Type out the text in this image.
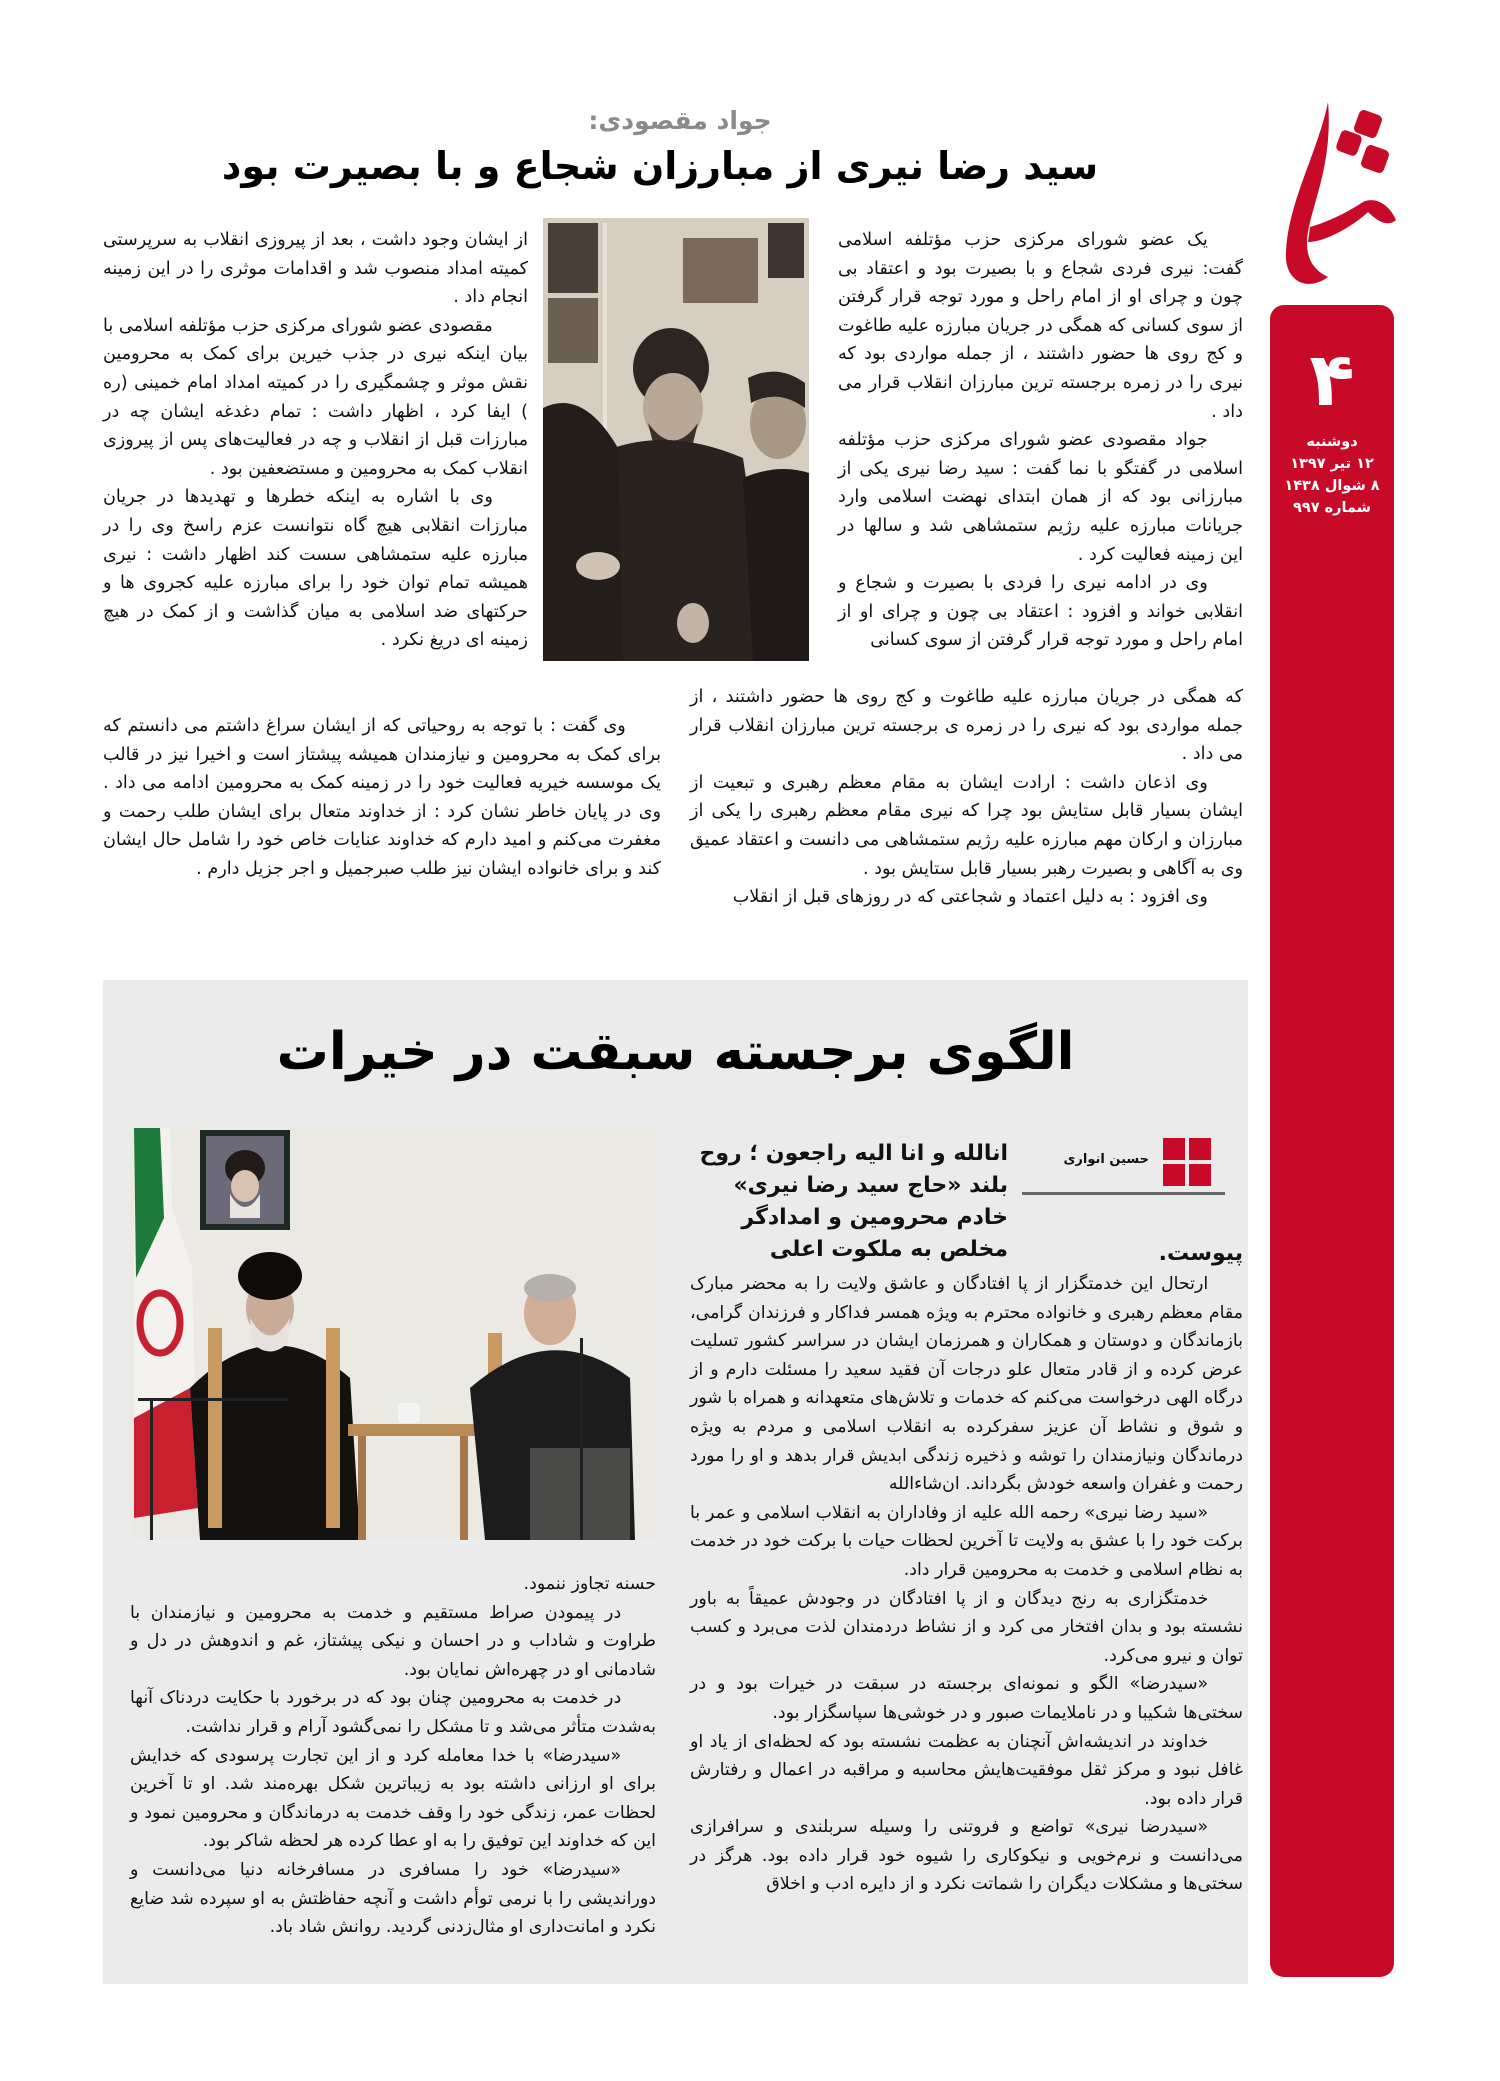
۴
دوشنبه
۱۲ تیر ۱۳۹۷
۸ شوال ۱۴۳۸
شماره ۹۹۷
جواد مقصودی:

یک عضو شورای مرکزی حزب مؤتلفه اسلامی گفت: نیری فردی شجاع و با بصیرت بود و اعتقاد بی چون و چرای او از امام راحل و مورد توجه قرار گرفتن از سوی کسانی که همگی در جریان مبارزه علیه طاغوت و کج روی ها حضور داشتند ، از جمله مواردی بود که نیری را در زمره برجسته ترین مبارزان انقلاب قرار می داد .

جواد مقصودی عضو شورای مرکزی حزب مؤتلفه اسلامی در گفتگو با نما گفت : سید رضا نیری یکی از مبارزانی بود که از همان ابتدای نهضت اسلامی وارد جریانات مبارزه علیه رژیم ستمشاهی شد و سالها در این زمینه فعالیت کرد .

وی در ادامه نیری را فردی با بصیرت و شجاع و انقلابی خواند و افزود : اعتقاد بی چون و چرای او از امام راحل و مورد توجه قرار گرفتن از سوی کسانی

که همگی در جریان مبارزه علیه طاغوت و کج روی ها حضور داشتند ، از جمله مواردی بود که نیری را در زمره ی برجسته ترین مبارزان انقلاب قرار می داد .

وی اذعان داشت : ارادت ایشان به مقام معظم رهبری و تبعیت از ایشان بسیار قابل ستایش بود چرا که نیری مقام معظم رهبری را یکی از مبارزان و ارکان مهم مبارزه علیه رژیم ستمشاهی می دانست و اعتقاد عمیق وی به آگاهی و بصیرت رهبر بسیار قابل ستایش بود .

وی افزود : به دلیل اعتماد و شجاعتی که در روزهای قبل از انقلاب

از ایشان وجود داشت ، بعد از پیروزی انقلاب به سرپرستی کمیته امداد منصوب شد و اقدامات موثری را در این زمینه انجام داد .

مقصودی عضو شورای مرکزی حزب مؤتلفه اسلامی با بیان اینکه نیری در جذب خیرین برای کمک به محرومین نقش موثر و چشمگیری را در کمیته امداد امام خمینی (ره ) ایفا کرد ، اظهار داشت : تمام دغدغه ایشان چه در مبارزات قبل از انقلاب و چه در فعالیت‌های پس از پیروزی انقلاب کمک به محرومین و مستضعفین بود .

وی با اشاره به اینکه خطرها و تهدیدها در جریان مبارزات انقلابی هیچ گاه نتوانست عزم راسخ وی را در مبارزه علیه ستمشاهی سست کند اظهار داشت : نیری همیشه تمام توان خود را برای مبارزه علیه کجروی ها و حرکتهای ضد اسلامی به میان گذاشت و از کمک در هیچ زمینه ای دریغ نکرد .

وی گفت : با توجه به روحیاتی که از ایشان سراغ داشتم می دانستم که برای کمک به محرومین و نیازمندان همیشه پیشتاز است و اخیرا نیز در قالب یک موسسه خیریه فعالیت خود را در زمینه کمک به محرومین ادامه می داد . وی در پایان خاطر نشان کرد : از خداوند متعال برای ایشان طلب رحمت و مغفرت می‌کنم و امید دارم که خداوند عنایات خاص خود را شامل حال ایشان کند و برای خانواده ایشان نیز طلب صبرجمیل و اجر جزیل دارم .

سید رضا نیری از مبارزان شجاع و با بصیرت بود
الگوی برجسته سبقت در خیرات
حسین انواری
انا‌لله و انا الیه راجعون ؛ روح بلند «حاج سید رضا نیری» خادم محرومین و امدادگر مخلص به ملکوت اعلی	پیوست.

ارتحال این خدمتگزار از پا افتادگان و عاشق ولایت را به محضر مبارک مقام معظم رهبری و خانواده محترم به ویژه همسر فداکار و فرزندان گرامی، بازماندگان و دوستان و همکاران و همرزمان ایشان در سراسر کشور تسلیت عرض کرده و از قادر متعال علو درجات آن فقید سعید را مسئلت دارم و از درگاه الهی درخواست می‌کنم که خدمات و تلاش‌های متعهدانه و همراه با شور و شوق و نشاط آن عزیز سفرکرده به انقلاب اسلامی و مردم به ویژه درماندگان ونیازمندان را توشه و ذخیره زندگی ابدیش قرار بدهد و او را مورد رحمت و غفران واسعه خودش بگرداند. ان‌شاءالله

«سید رضا نیری» رحمه الله علیه از وفاداران به انقلاب اسلامی و عمر با برکت خود را با عشق به ولایت تا آخرین لحظات حیات با برکت خود در خدمت به نظام اسلامی و خدمت به محرومین قرار داد.

خدمتگزاری به رنج دیدگان و از پا افتادگان در وجودش عمیقاً به باور نشسته بود و بدان افتخار می کرد و از نشاط دردمندان لذت می‌برد و کسب توان و نیرو می‌کرد.

«سیدرضا» الگو و نمونه‌ای برجسته در سبقت در خیرات بود و در سختی‌ها شکیبا و در ناملایمات صبور و در خوشی‌ها سپاسگزار بود.

خداوند در اندیشه‌اش آنچنان به عظمت نشسته بود که لحظه‌ای از یاد او غافل نبود و مرکز ثقل موفقیت‌هایش محاسبه و مراقبه در اعمال و رفتارش قرار داده بود.

«سیدرضا نیری» تواضع و فروتنی را وسیله سربلندی و سرافرازی می‌دانست و نرم‌خویی و نیکوکاری را شیوه خود قرار داده بود. هرگز در سختی‌ها و مشکلات دیگران را شماتت نکرد و از دایره ادب و اخلاق

حسنه تجاوز ننمود.

در پیمودن صراط مستقیم و خدمت به محرومین و نیازمندان با طراوت و شاداب و در احسان و نیکی پیشتاز، غم و اندوهش در دل و شادمانی او در چهره‌اش نمایان بود.

در خدمت به محرومین چنان بود که در برخورد با حکایت دردناک آنها به‌شدت متأثر می‌شد و تا مشکل را نمی‌گشود آرام و قرار نداشت.

«سیدرضا» با خدا معامله کرد و از این تجارت پرسودی که خدایش برای او ارزانی داشته بود به زیباترین شکل بهره‌مند شد. او تا آخرین لحظات عمر، زندگی خود را وقف خدمت به درماندگان و محرومین نمود و این که خداوند این توفیق را به او عطا کرده هر لحظه شاکر بود.

«سیدرضا» خود را مسافری در مسافرخانه دنیا می‌دانست و دوراندیشی را با نرمی توأم داشت و آنچه حفاظتش به او سپرده شد ضایع نکرد و امانت‌داری او مثال‌زدنی گردید. روانش شاد باد.
